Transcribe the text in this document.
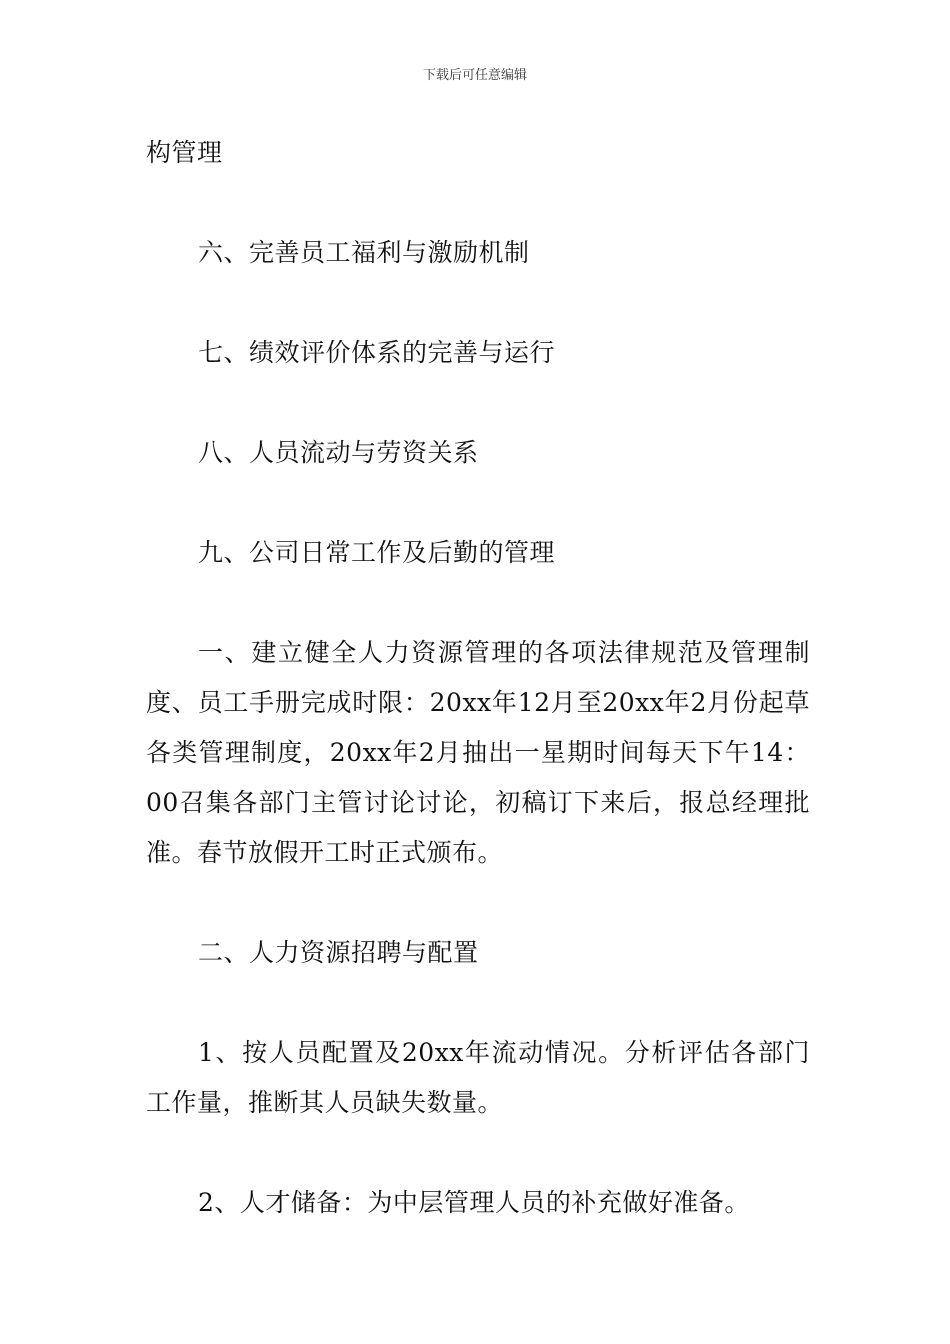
下载后可任意编辑

构管理

六、完善员工福利与激励机制

七、绩效评价体系的完善与运行

八、人员流动与劳资关系

九、公司日常工作及后勤的管理

一、建立健全人力资源管理的各项法律规范及管理制度、员工手册完成时限：20xx年12月至20xx年2月份起草各类管理制度，20xx年2月抽出一星期时间每天下午14：00召集各部门主管讨论讨论，初稿订下来后，报总经理批准。春节放假开工时正式颁布。

二、人力资源招聘与配置

1、按人员配置及20xx年流动情况。分析评估各部门工作量，推断其人员缺失数量。

2、人才储备：为中层管理人员的补充做好准备。
